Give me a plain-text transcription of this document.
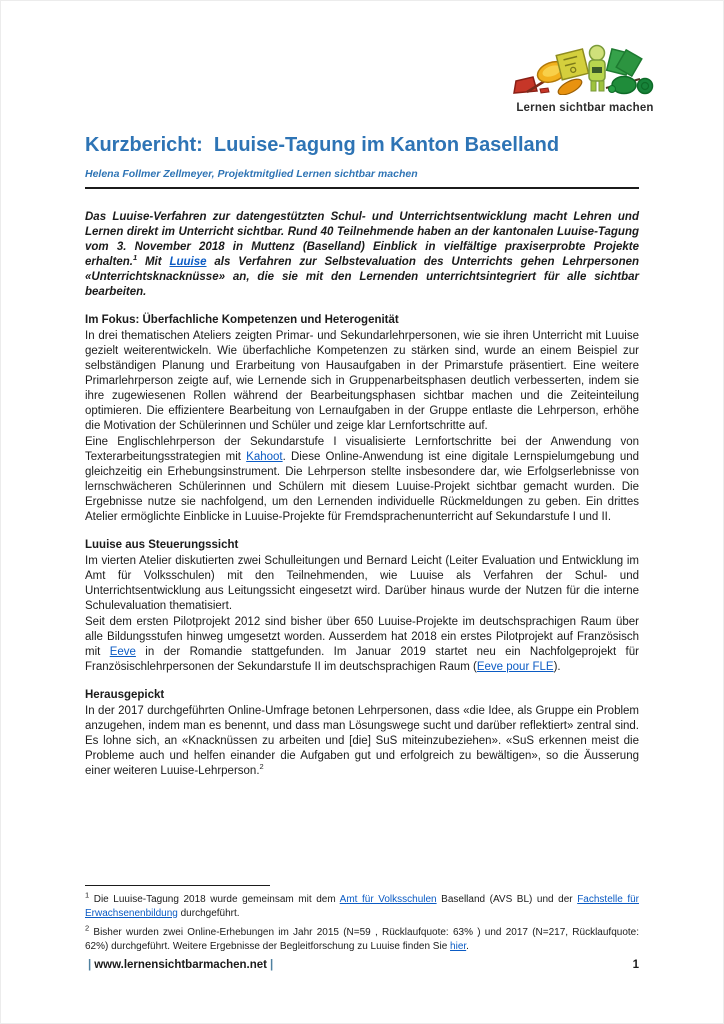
Lernen sichtbar machen
Kurzbericht:  Luuise-Tagung im Kanton Baselland
Helena Follmer Zellmeyer, Projektmitglied Lernen sichtbar machen

Das Luuise-Verfahren zur datengestützten Schul- und Unterrichtsentwicklung macht Lehren und Lernen direkt im Unterricht sichtbar. Rund 40 Teilnehmende haben an der kantonalen Luuise-Tagung vom 3. November 2018 in Muttenz (Baselland) Einblick in vielfältige praxiserprobte Projekte erhalten.$^1$ Mit Luuise als Verfahren zur Selbstevaluation des Unterrichts gehen Lehrpersonen «Unterrichtsknacknüsse» an, die sie mit den Lernenden unterrichtsintegriert für alle sichtbar bearbeiten.

Im Fokus: Überfachliche Kompetenzen und Heterogenität

In drei thematischen Ateliers zeigten Primar- und Sekundarlehrpersonen, wie sie ihren Unterricht mit Luuise gezielt weiterentwickeln. Wie überfachliche Kompetenzen zu stärken sind, wurde an einem Beispiel zur selbständigen Planung und Erarbeitung von Hausaufgaben in der Primarstufe präsentiert. Eine weitere Primarlehrperson zeigte auf, wie Lernende sich in Gruppenarbeitsphasen deutlich verbesserten, indem sie ihre zugewiesenen Rollen während der Bearbeitungsphasen sichtbar machen und die Zeiteinteilung optimieren. Die effizientere Bearbeitung von Lernaufgaben in der Gruppe entlaste die Lehrperson, erhöhe die Motivation der Schülerinnen und Schüler und zeige klar Lernfortschritte auf.

Eine Englischlehrperson der Sekundarstufe I visualisierte Lernfortschritte bei der Anwendung von Texterarbeitungsstrategien mit Kahoot. Diese Online-Anwendung ist eine digitale Lernspielumgebung und gleichzeitig ein Erhebungsinstrument. Die Lehrperson stellte insbesondere dar, wie Erfolgserlebnisse von lernschwächeren Schülerinnen und Schülern mit diesem Luuise-Projekt sichtbar gemacht wurden. Die Ergebnisse nutze sie nachfolgend, um den Lernenden individuelle Rückmeldungen zu geben. Ein drittes Atelier ermöglichte Einblicke in Luuise-Projekte für Fremdsprachenunterricht auf Sekundarstufe I und II.

Luuise aus Steuerungssicht

Im vierten Atelier diskutierten zwei Schulleitungen und Bernard Leicht (Leiter Evaluation und Entwicklung im Amt für Volksschulen) mit den Teilnehmenden, wie Luuise als Verfahren der Schul- und Unterrichtsentwicklung aus Leitungssicht eingesetzt wird. Darüber hinaus wurde der Nutzen für die interne Schulevaluation thematisiert.

Seit dem ersten Pilotprojekt 2012 sind bisher über 650 Luuise-Projekte im deutschsprachigen Raum über alle Bildungsstufen hinweg umgesetzt worden. Ausserdem hat 2018 ein erstes Pilotprojekt auf Französisch mit Eeve in der Romandie stattgefunden. Im Januar 2019 startet neu ein Nachfolgeprojekt für Französischlehrpersonen der Sekundarstufe II im deutschsprachigen Raum (Eeve pour FLE).

Herausgepickt

In der 2017 durchgeführten Online-Umfrage betonen Lehrpersonen, dass «die Idee, als Gruppe ein Problem anzugehen, indem man es benennt, und dass man Lösungswege sucht und darüber reflektiert» zentral sind. Es lohne sich, an «Knacknüssen zu arbeiten und [die] SuS miteinzubeziehen». «SuS erkennen meist die Probleme auch und helfen einander die Aufgaben gut und erfolgreich zu bewältigen», so die Äusserung einer weiteren Luuise-Lehrperson.$^2$

$^1$ Die Luuise-Tagung 2018 wurde gemeinsam mit dem Amt für Volksschulen Baselland (AVS BL) und der Fachstelle für Erwachsenenbildung durchgeführt.

$^2$ Bisher wurden zwei Online-Erhebungen im Jahr 2015 (N=59 , Rücklaufquote: 63% ) und 2017 (N=217, Rücklaufquote: 62%) durchgeführt. Weitere Ergebnisse der Begleitforschung zu Luuise finden Sie hier.

| www.lernensichtbarmachen.net |	1
